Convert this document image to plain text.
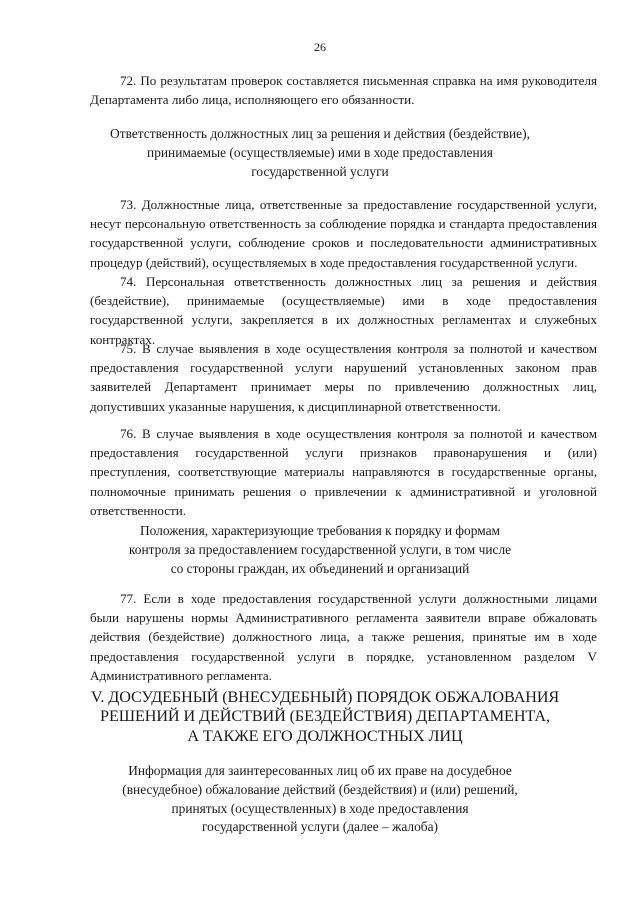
26
72. По результатам проверок составляется письменная справка на имя руководителя Департамента либо лица, исполняющего его обязанности.
Ответственность должностных лиц за решения и действия (бездействие),
принимаемые (осуществляемые) ими в ходе предоставления
государственной услуги
73. Должностные лица, ответственные за предоставление государственной услуги, несут персональную ответственность за соблюдение порядка и стандарта предоставления государственной услуги, соблюдение сроков и последовательности административных процедур (действий), осуществляемых в ходе предоставления государственной услуги.
74. Персональная ответственность должностных лиц за решения и действия (бездействие), принимаемые (осуществляемые) ими в ходе предоставления государственной услуги, закрепляется в их должностных регламентах и служебных контрактах.
75. В случае выявления в ходе осуществления контроля за полнотой и качеством предоставления государственной услуги нарушений установленных законом прав заявителей Департамент принимает меры по привлечению должностных лиц, допустивших указанные нарушения, к дисциплинарной ответственности.
76. В случае выявления в ходе осуществления контроля за полнотой и качеством предоставления государственной услуги признаков правонарушения и (или) преступления, соответствующие материалы направляются в государственные органы, полномочные принимать решения о привлечении к административной и уголовной ответственности.
Положения, характеризующие требования к порядку и формам
контроля за предоставлением государственной услуги, в том числе
со стороны граждан, их объединений и организаций
77. Если в ходе предоставления государственной услуги должностными лицами были нарушены нормы Административного регламента заявители вправе обжаловать действия (бездействие) должностного лица, а также решения, принятые им в ходе предоставления государственной услуги в порядке, установленном разделом V Административного регламента.
V. ДОСУДЕБНЫЙ (ВНЕСУДЕБНЫЙ) ПОРЯДОК ОБЖАЛОВАНИЯ
РЕШЕНИЙ И ДЕЙСТВИЙ (БЕЗДЕЙСТВИЯ) ДЕПАРТАМЕНТА,
А ТАКЖЕ ЕГО ДОЛЖНОСТНЫХ ЛИЦ
Информация для заинтересованных лиц об их праве на досудебное
(внесудебное) обжалование действий (бездействия) и (или) решений,
принятых (осуществленных) в ходе предоставления
государственной услуги (далее – жалоба)
